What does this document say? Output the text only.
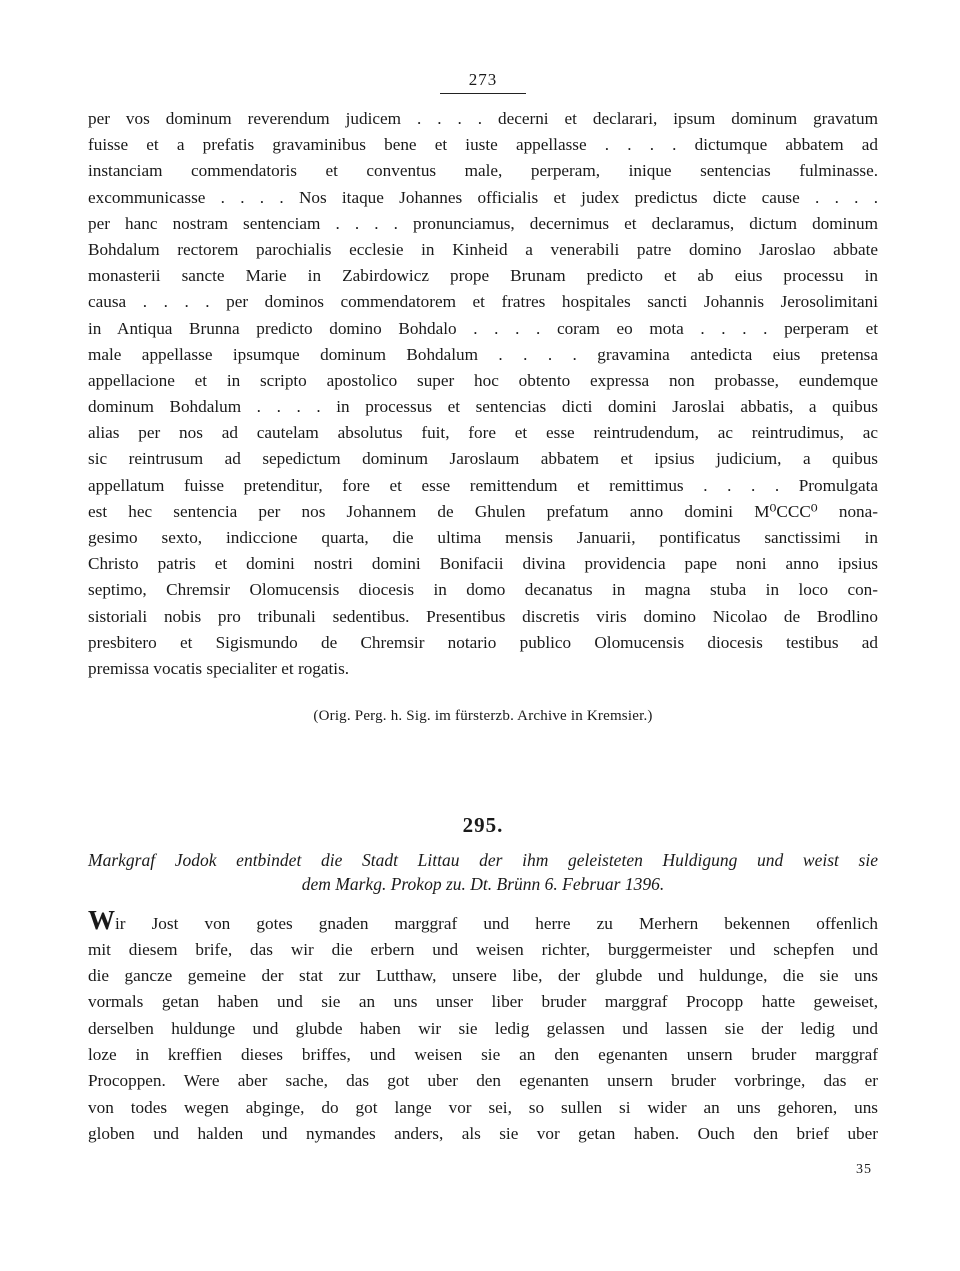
273
per vos dominum reverendum judicem . . . . decerni et declarari, ipsum dominum gravatum
fuisse et a prefatis gravaminibus bene et iuste appellasse . . . . dictumque abbatem ad
instanciam commendatoris et conventus male, perperam, inique sentencias fulminasse.
excommunicasse . . . . Nos itaque Johannes officialis et judex predictus dicte cause . . . .
per hanc nostram sentenciam . . . . pronunciamus, decernimus et declaramus, dictum dominum
Bohdalum rectorem parochialis ecclesie in Kinheid a venerabili patre domino Jaroslao abbate
monasterii sancte Marie in Zabirdowicz prope Brunam predicto et ab eius processu in
causa . . . . per dominos commendatorem et fratres hospitales sancti Johannis Jerosolimitani
in Antiqua Brunna predicto domino Bohdalo . . . . coram eo mota . . . . perperam et
male appellasse ipsumque dominum Bohdalum . . . . gravamina antedicta eius pretensa
appellacione et in scripto apostolico super hoc obtento expressa non probasse, eundemque
dominum Bohdalum . . . . in processus et sentencias dicti domini Jaroslai abbatis, a quibus
alias per nos ad cautelam absolutus fuit, fore et esse reintrudendum, ac reintrudimus, ac
sic reintrusum ad sepedictum dominum Jaroslaum abbatem et ipsius judicium, a quibus
appellatum fuisse pretenditur, fore et esse remittendum et remittimus . . . . Promulgata
est hec sentencia per nos Johannem de Ghulen prefatum anno domini M⁰CCC⁰ nona-
gesimo sexto, indiccione quarta, die ultima mensis Januarii, pontificatus sanctissimi in
Christo patris et domini nostri domini Bonifacii divina providencia pape noni anno ipsius
septimo, Chremsir Olomucensis diocesis in domo decanatus in magna stuba in loco con-
sistoriali nobis pro tribunali sedentibus. Presentibus discretis viris domino Nicolao de Brodlino
presbitero et Sigismundo de Chremsir notario publico Olomucensis diocesis testibus ad
premissa vocatis specialiter et rogatis.
(Orig. Perg. h. Sig. im fürsterzb. Archive in Kremsier.)
295.
Markgraf Jodok entbindet die Stadt Littau der ihm geleisteten Huldigung und weist sie
dem Markg. Prokop zu. Dt. Brünn 6. Februar 1396.
Wir Jost von gotes gnaden marggraf und herre zu Merhern bekennen offenlich
mit diesem brife, das wir die erbern und weisen richter, burggermeister und schepfen und
die gancze gemeine der stat zur Lutthaw, unsere libe, der glubde und huldunge, die sie uns
vormals getan haben und sie an uns unser liber bruder marggraf Procopp hatte geweiset,
derselben huldunge und glubde haben wir sie ledig gelassen und lassen sie der ledig und
loze in kreffien dieses briffes, und weisen sie an den egenanten unsern bruder marggraf
Procoppen. Were aber sache, das got uber den egenanten unsern bruder vorbringe, das er
von todes wegen abginge, do got lange vor sei, so sullen si wider an uns gehoren, uns
globen und halden und nymandes anders, als sie vor getan haben. Ouch den brief uber
35
